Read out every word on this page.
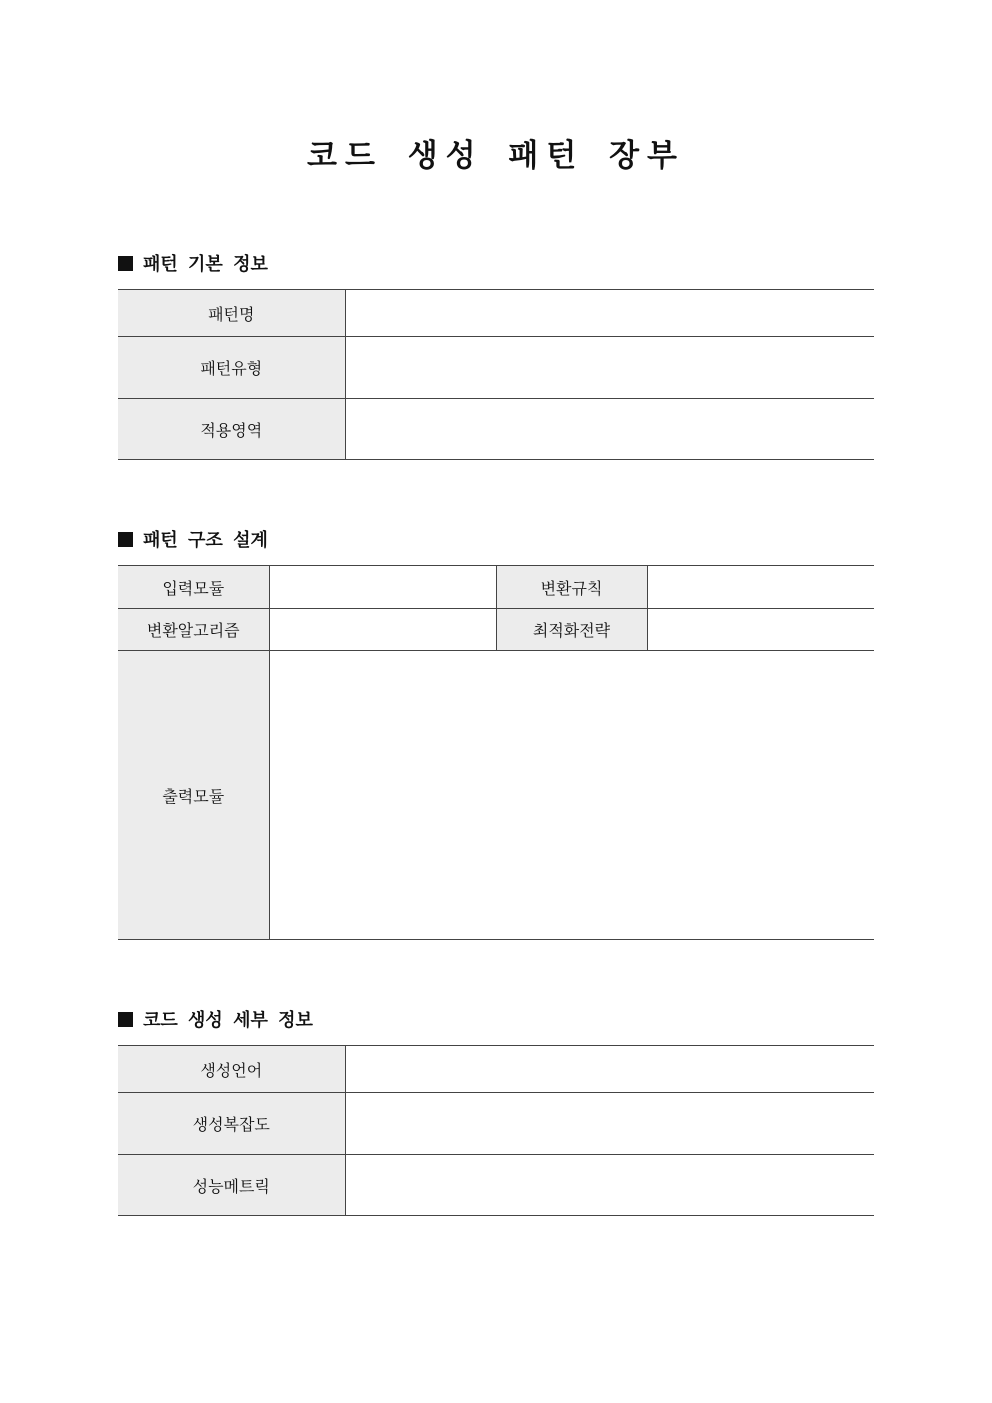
코드 생성 패턴 장부
패턴 기본 정보
패턴명	
패턴유형	
적용영역	
패턴 구조 설계
입력모듈		변환규칙	
변환알고리즘		최적화전략	
출력모듈			
코드 생성 세부 정보
생성언어	
생성복잡도	
성능메트릭	
